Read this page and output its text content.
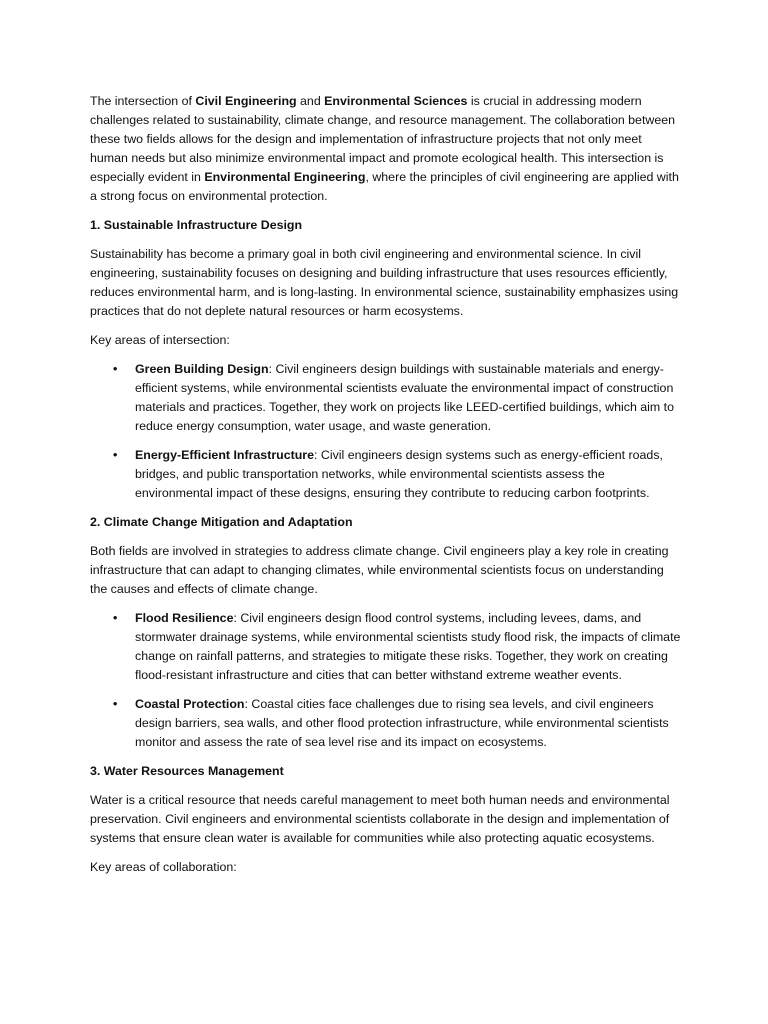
The intersection of Civil Engineering and Environmental Sciences is crucial in addressing modern challenges related to sustainability, climate change, and resource management. The collaboration between these two fields allows for the design and implementation of infrastructure projects that not only meet human needs but also minimize environmental impact and promote ecological health. This intersection is especially evident in Environmental Engineering, where the principles of civil engineering are applied with a strong focus on environmental protection.

1. Sustainable Infrastructure Design

Sustainability has become a primary goal in both civil engineering and environmental science. In civil engineering, sustainability focuses on designing and building infrastructure that uses resources efficiently, reduces environmental harm, and is long-lasting. In environmental science, sustainability emphasizes using practices that do not deplete natural resources or harm ecosystems.

Key areas of intersection:

• Green Building Design: Civil engineers design buildings with sustainable materials and energy-efficient systems, while environmental scientists evaluate the environmental impact of construction materials and practices. Together, they work on projects like LEED-certified buildings, which aim to reduce energy consumption, water usage, and waste generation.
• Energy-Efficient Infrastructure: Civil engineers design systems such as energy-efficient roads, bridges, and public transportation networks, while environmental scientists assess the environmental impact of these designs, ensuring they contribute to reducing carbon footprints.

2. Climate Change Mitigation and Adaptation

Both fields are involved in strategies to address climate change. Civil engineers play a key role in creating infrastructure that can adapt to changing climates, while environmental scientists focus on understanding the causes and effects of climate change.

• Flood Resilience: Civil engineers design flood control systems, including levees, dams, and stormwater drainage systems, while environmental scientists study flood risk, the impacts of climate change on rainfall patterns, and strategies to mitigate these risks. Together, they work on creating flood-resistant infrastructure and cities that can better withstand extreme weather events.
• Coastal Protection: Coastal cities face challenges due to rising sea levels, and civil engineers design barriers, sea walls, and other flood protection infrastructure, while environmental scientists monitor and assess the rate of sea level rise and its impact on ecosystems.

3. Water Resources Management

Water is a critical resource that needs careful management to meet both human needs and environmental preservation. Civil engineers and environmental scientists collaborate in the design and implementation of systems that ensure clean water is available for communities while also protecting aquatic ecosystems.

Key areas of collaboration:
